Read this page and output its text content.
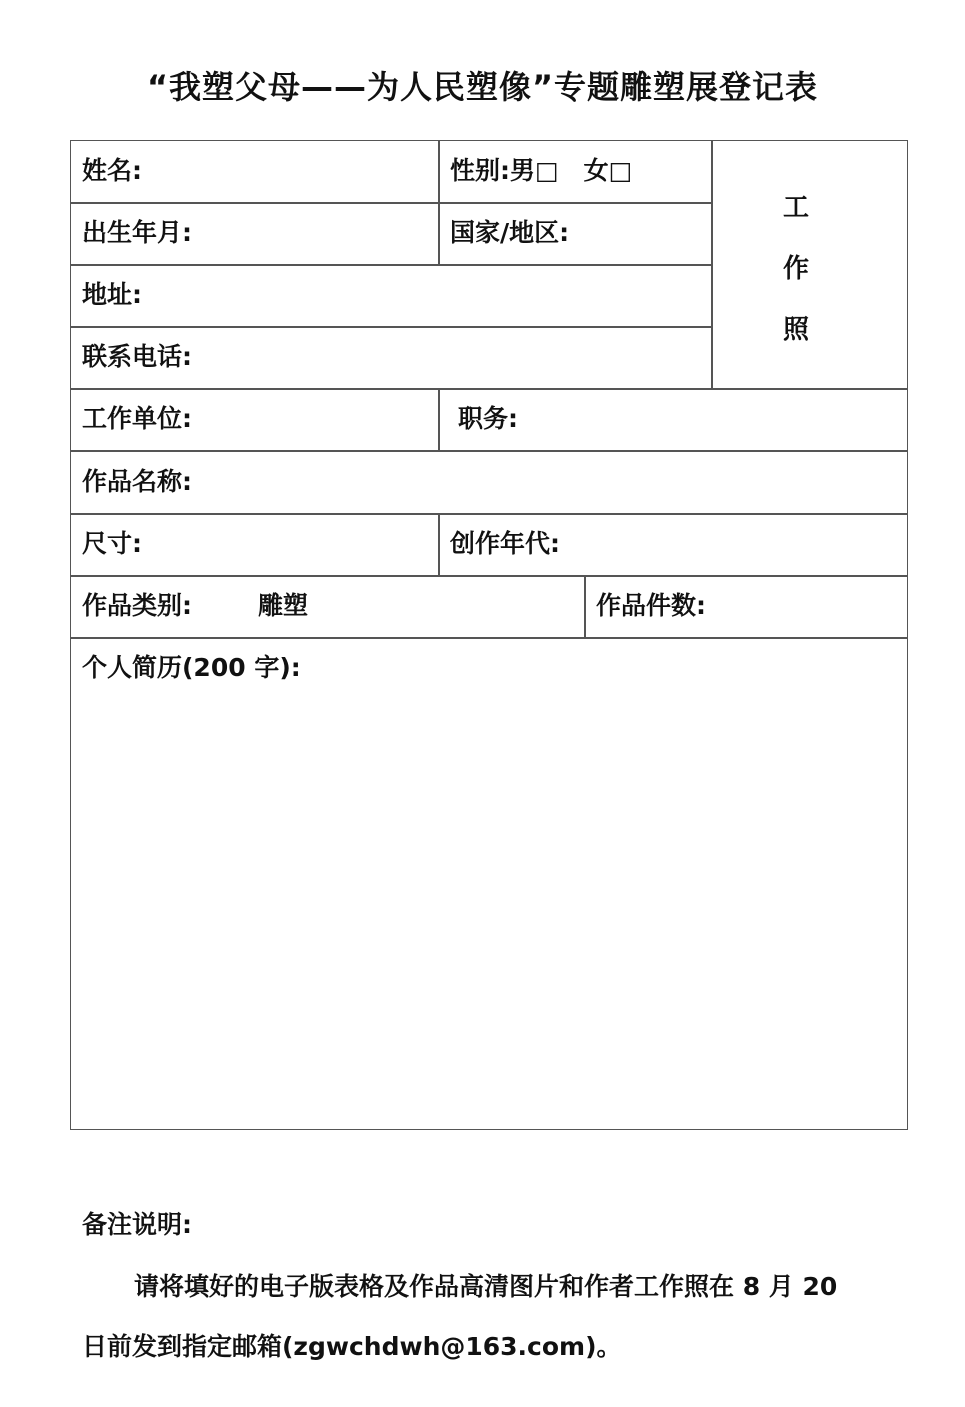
“我塑父母——为人民塑像”专题雕塑展登记表
姓名:	性别:男□　女□
出生年月:	国家/地区:
地址:
联系电话:
工
作
照
工作单位:	职务:
作品名称:
尺寸:	创作年代:
作品类别:	雕塑	作品件数:
个人简历(200 字):
备注说明:
请将填好的电子版表格及作品高清图片和作者工作照在 8 月 20
日前发到指定邮箱(zgwchdwh@163.com)。
